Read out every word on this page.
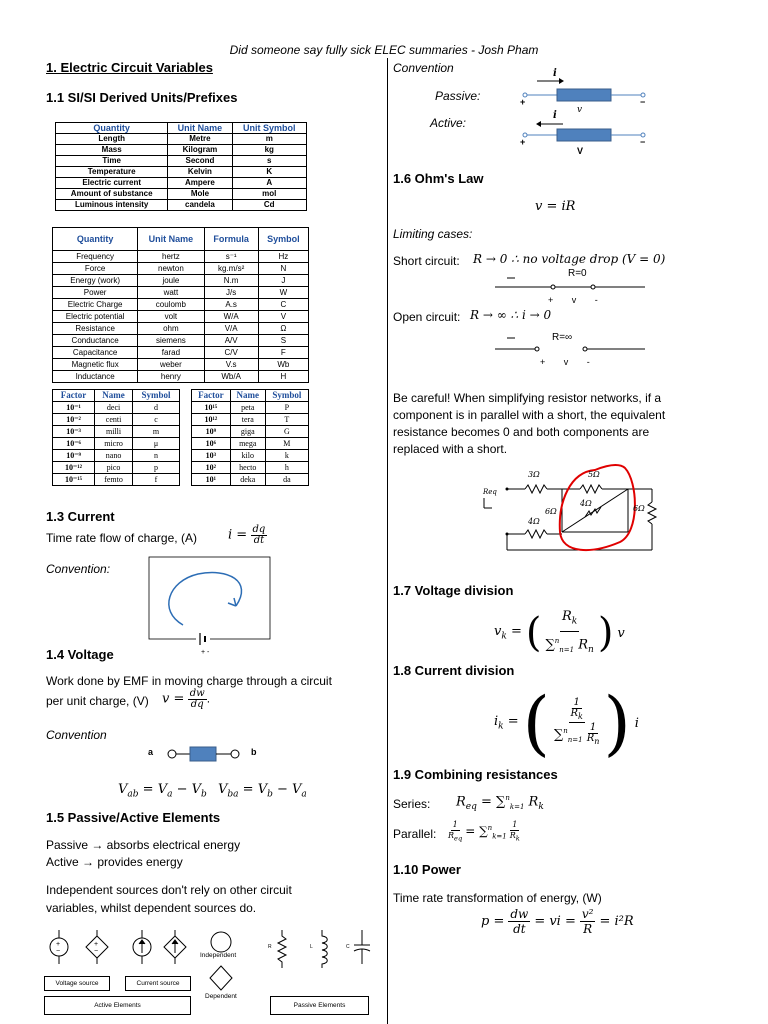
Did someone say fully sick ELEC summaries - Josh Pham
1. Electric Circuit Variables
1.1 SI/SI Derived Units/Prefixes
Quantity	Unit Name	Unit Symbol
Length	Metre	m
Mass	Kilogram	kg
Time	Second	s
Temperature	Kelvin	K
Electric current	Ampere	A
Amount of substance	Mole	mol
Luminous intensity	candela	Cd
Quantity	Unit Name	Formula	Symbol
Frequency	hertz	s⁻¹	Hz
Force	newton	kg.m/s²	N
Energy (work)	joule	N.m	J
Power	watt	J/s	W
Electric Charge	coulomb	A.s	C
Electric potential	volt	W/A	V
Resistance	ohm	V/A	Ω
Conductance	siemens	A/V	S
Capacitance	farad	C/V	F
Magnetic flux	weber	V.s	Wb
Inductance	henry	Wb/A	H
Factor	Name	Symbol
10⁻¹	deci	d
10⁻²	centi	c
10⁻³	milli	m
10⁻⁶	micro	μ
10⁻⁹	nano	n
10⁻¹²	pico	p
10⁻¹⁵	femto	f
Factor	Name	Symbol
10¹⁵	peta	P
10¹²	tera	T
10⁹	giga	G
10⁶	mega	M
10³	kilo	k
10²	hecto	h
10¹	deka	da
1.3 Current
Time rate flow of charge, (A) $i = \frac{dq}{dt}$
Convention:
+ -
1.4 Voltage
Work done by EMF in moving charge through a circuit
per unit charge, (V) $v = \frac{dw}{dq}$ .
Convention
a	b
$V_{ab} = V_a - V_b$ $V_{ba} = V_b - V_a$
1.5 Passive/Active Elements
Passive → absorbs electrical energy
Active → provides energy
Independent sources don't rely on other circuit
variables, whilst dependent sources do.
+
−
+
−
Voltage source	Current source
Active Elements
Independent
Dependent
Passive Elements
R	L	C
Convention
Passive:
Active:
i
+	−
v
i
+	−
V
1.6 Ohm's Law
v = iR
Limiting cases:
Short circuit: R → 0 ∴ no voltage drop (V = 0)
R=0
+ v -
Open circuit: R → ∞ ∴ i → 0
R=∞
+ v -
Be careful! When simplifying resistor networks, if a
component is in parallel with a short, the equivalent
resistance becomes 0 and both components are
replaced with a short.
3Ω	5Ω
6Ω
4Ω
4Ω
6Ω
Req
1.7 Voltage division
$v_k$ = ( $\frac{R_k}{\sum^n_{n=1} R_n}$ ) v
1.8 Current division
$i_k$ = ( $\frac{\frac{1}{R_k}}{\sum^n_{n=1} \frac{1}{R_n}}$ ) i
1.9 Combining resistances
Series: $R_{eq} = \sum^n_{k=1}$ $R_k$
Parallel: $\frac{1}{R_{eq}} = \sum^n_{k=1} \frac{1}{R_k}$
1.10 Power
Time rate transformation of energy, (W)
$p = \frac{dw}{dt}$ = vi = $\frac{\text{v²}}{R} = i^2R$
